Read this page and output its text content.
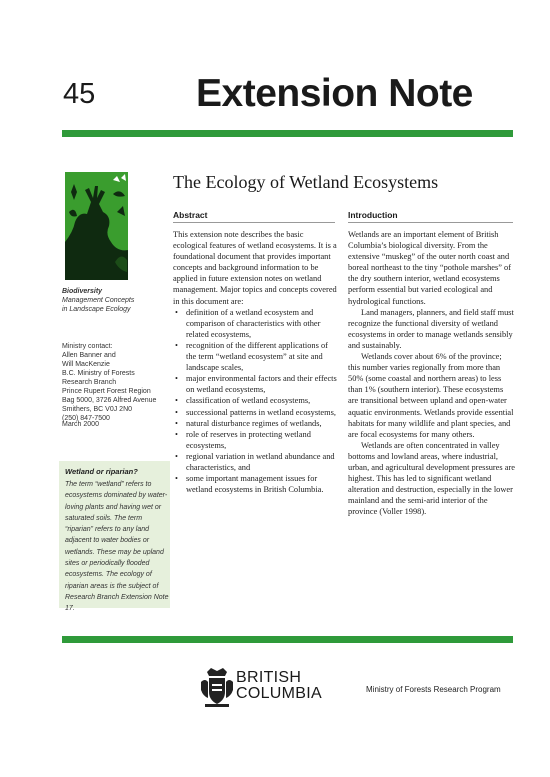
45	Extension Note
The Ecology of Wetland Ecosystems
Biodiversity
Management Concepts
in Landscape Ecology
Ministry contact:
Allen Banner and
Will MacKenzie
B.C. Ministry of Forests
Research Branch
Prince Rupert Forest Region
Bag 5000, 3726 Alfred Avenue
Smithers, BC V0J 2N0
(250) 847-7500
March 2000
Wetland or riparian?

The term “wetland” refers to ecosystems dominated by water-loving plants and having wet or saturated soils. The term “riparian” refers to any land adjacent to water bodies or wetlands. These may be upland sites or periodically flooded ecosystems. The ecology of riparian areas is the subject of Research Branch Extension Note 17.

Abstract	Introduction

This extension note describes the basic ecological features of wetland ecosystems. It is a foundational document that provides important concepts and background information to be applied in future extension notes on wetland management. Major topics and concepts covered in this document are:

• definition of a wetland ecosystem and comparison of characteristics with other related ecosystems,
• recognition of the different applications of the term “wetland ecosystem” at site and landscape scales,
• major environmental factors and their effects on wetland ecosystems,
• classification of wetland ecosystems,
• successional patterns in wetland ecosystems,
• natural disturbance regimes of wetlands,
• role of reserves in protecting wetland ecosystems,
• regional variation in wetland abundance and characteristics, and
• some important management issues for wetland ecosystems in British Columbia.

Wetlands are an important element of British Columbia’s biological diversity. From the extensive “muskeg” of the outer north coast and boreal northeast to the tiny “pothole marshes” of the dry southern interior, wetland ecosystems perform essential but varied ecological and hydrological functions.

Land managers, planners, and field staff must recognize the functional diversity of wetland ecosystems in order to manage wetlands sensibly and sustainably.

Wetlands cover about 6% of the province; this number varies regionally from more than 50% (some coastal and northern areas) to less than 1% (southern interior). These ecosystems are transitional between upland and open-water aquatic environments. Wetlands provide essential habitats for many wildlife and plant species, and are focal ecosystems for many others.

Wetlands are often concentrated in valley bottoms and lowland areas, where industrial, urban, and agricultural development pressures are highest. This has led to significant wetland alteration and destruction, especially in the lower mainland and the semi-arid interior of the province (Voller 1998).

BRITISH
COLUMBIA	Ministry of Forests Research Program
